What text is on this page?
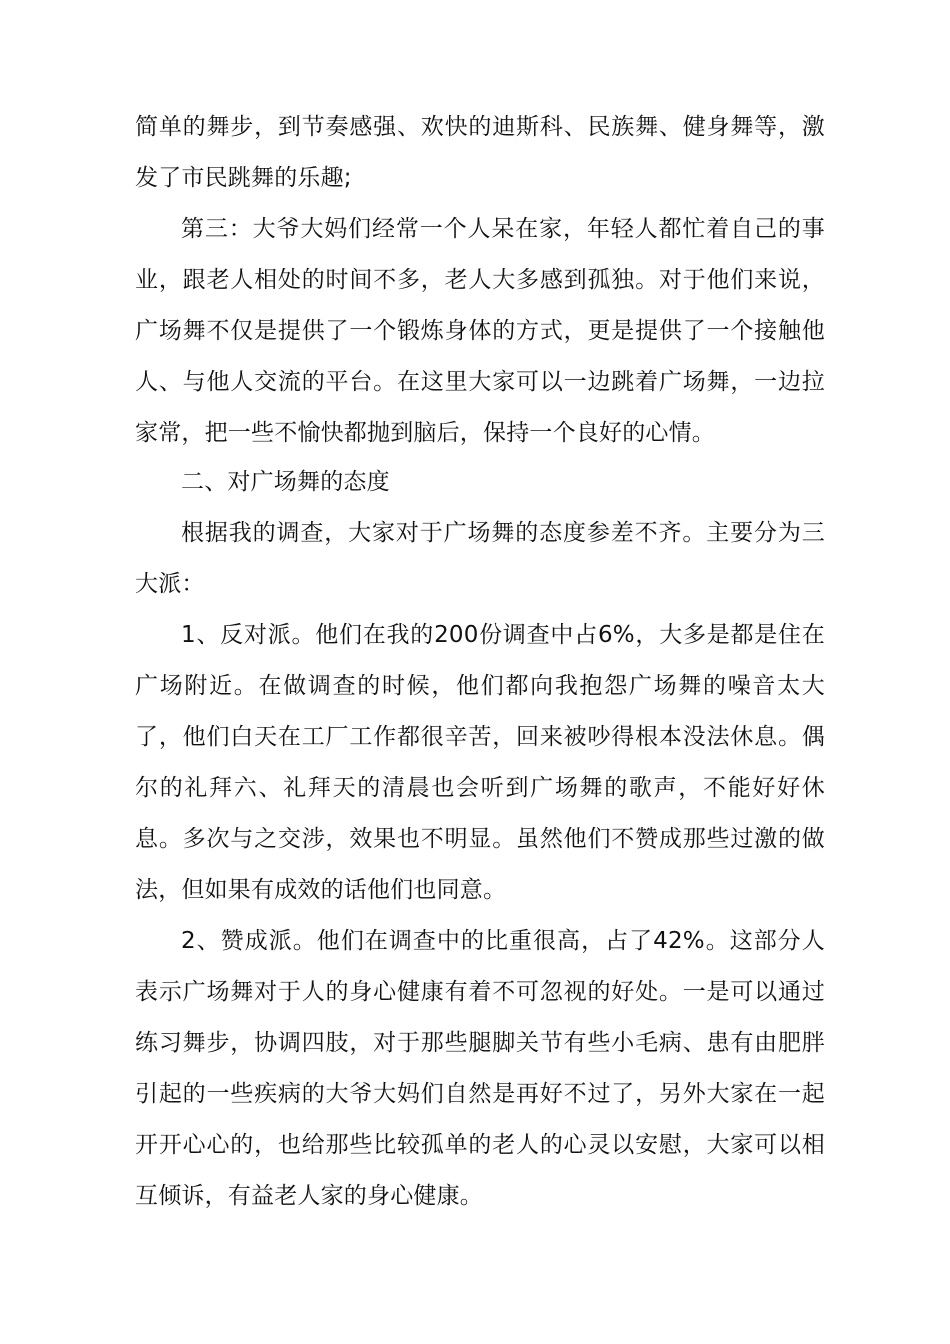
简单的舞步，到节奏感强、欢快的迪斯科、民族舞、健身舞等，激发了市民跳舞的乐趣;

第三：大爷大妈们经常一个人呆在家，年轻人都忙着自己的事业，跟老人相处的时间不多，老人大多感到孤独。对于他们来说，广场舞不仅是提供了一个锻炼身体的方式，更是提供了一个接触他人、与他人交流的平台。在这里大家可以一边跳着广场舞，一边拉家常，把一些不愉快都抛到脑后，保持一个良好的心情。

二、对广场舞的态度

根据我的调查，大家对于广场舞的态度参差不齐。主要分为三大派：

1、反对派。他们在我的200份调查中占6%，大多是都是住在广场附近。在做调查的时候，他们都向我抱怨广场舞的噪音太大了，他们白天在工厂工作都很辛苦，回来被吵得根本没法休息。偶尔的礼拜六、礼拜天的清晨也会听到广场舞的歌声，不能好好休息。多次与之交涉，效果也不明显。虽然他们不赞成那些过激的做法，但如果有成效的话他们也同意。

2、赞成派。他们在调查中的比重很高，占了42%。这部分人表示广场舞对于人的身心健康有着不可忽视的好处。一是可以通过练习舞步，协调四肢，对于那些腿脚关节有些小毛病、患有由肥胖引起的一些疾病的大爷大妈们自然是再好不过了，另外大家在一起开开心心的，也给那些比较孤单的老人的心灵以安慰，大家可以相互倾诉，有益老人家的身心健康。
